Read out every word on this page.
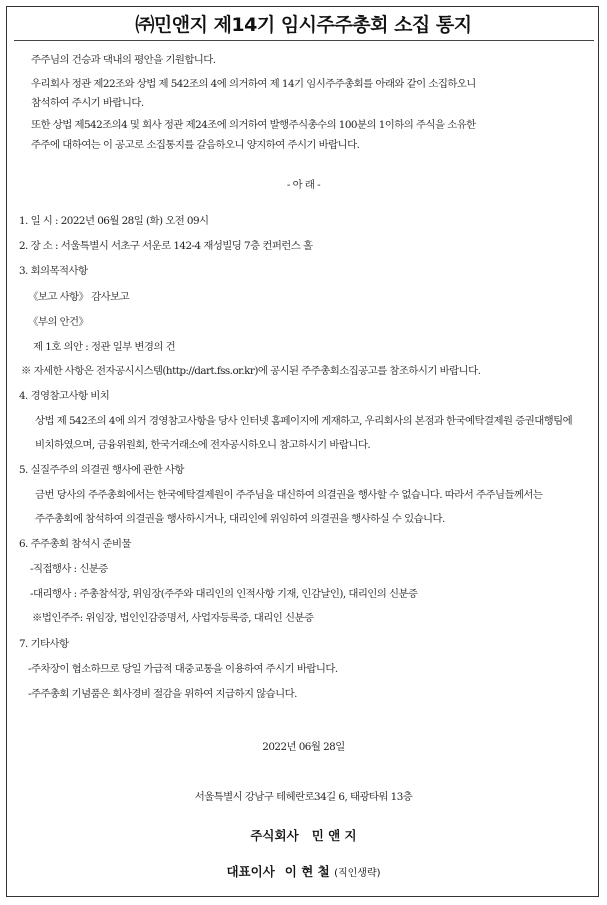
㈜민앤지 제14기 임시주주총회 소집 통지
주주님의 건승과 댁내의 평안을 기원합니다.
우리회사 정관 제22조와 상법 제 542조의 4에 의거하여 제 14기 임시주주총회를 아래와 같이 소집하오니
참석하여 주시기 바랍니다.
또한 상법 제542조의4 및 회사 정관 제24조에 의거하여 발행주식총수의 100분의 1이하의 주식을 소유한
주주에 대하여는 이 공고로 소집통지를 갈음하오니 양지하여 주시기 바랍니다.
- 아 래 -
1. 일 시 : 2022년 06월 28일 (화) 오전 09시
2. 장 소 : 서울특별시 서초구 서운로 142-4 재성빌딩 7층 컨퍼런스 홀
3. 회의목적사항
《보고 사항》 감사보고
《부의 안건》
제 1호 의안 : 정관 일부 변경의 건
※ 자세한 사항은 전자공시시스템(http://dart.fss.or.kr)에 공시된 주주총회소집공고를 참조하시기 바랍니다.
4. 경영참고사항 비치
상법 제 542조의 4에 의거 경영참고사항을 당사 인터넷 홈페이지에 게재하고, 우리회사의 본점과 한국예탁결제원 증권대행팀에
비치하였으며, 금융위원회, 한국거래소에 전자공시하오니 참고하시기 바랍니다.
5. 실질주주의 의결권 행사에 관한 사항
금번 당사의 주주총회에서는 한국예탁결제원이 주주님을 대신하여 의결권을 행사할 수 없습니다. 따라서 주주님들께서는
주주총회에 참석하여 의결권을 행사하시거나, 대리인에 위임하여 의결권을 행사하실 수 있습니다.
6. 주주총회 참석시 준비물
-직접행사 : 신분증
-대리행사 : 주총참석장, 위임장(주주와 대리인의 인적사항 기재, 인감날인), 대리인의 신분증
※법인주주: 위임장, 법인인감증명서, 사업자등록증, 대리인 신분증
7. 기타사항
-주차장이 협소하므로 당일 가급적 대중교통을 이용하여 주시기 바랍니다.
-주주총회 기념품은 회사경비 절감을 위하여 지급하지 않습니다.
2022년 06월 28일
서울특별시 강남구 테헤란로34길 6, 태광타워 13층
주식회사   민 앤 지
대표이사 이 현 철 (직인생략)
